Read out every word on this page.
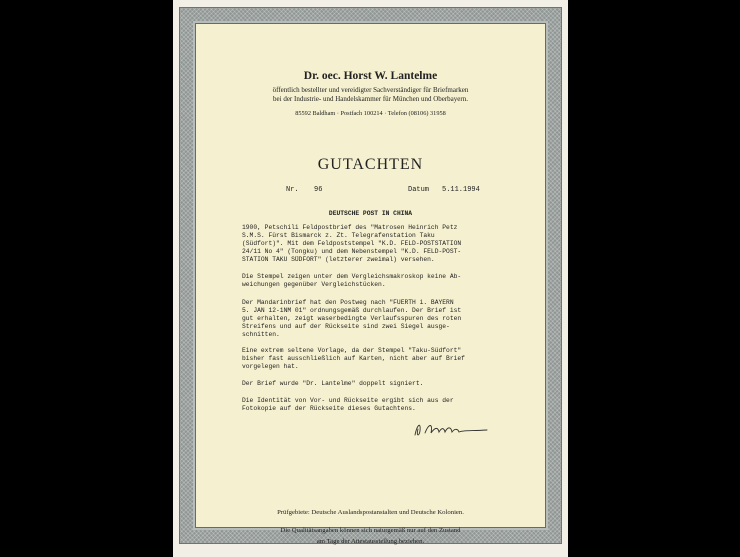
Dr. oec. Horst W. Lantelme
öffentlich bestellter und vereidigter Sachverständiger für Briefmarken
bei der Industrie- und Handelskammer für München und Oberbayern.
85592 Baldham · Postfach 100214 · Telefon (08106) 31958
GUTACHTEN
Nr. 96	Datum 5.11.1994
DEUTSCHE POST IN CHINA
1900, Petschili Feldpostbrief des "Matrosen Heinrich Petz
S.M.S. Fürst Bismarck z. Zt. Telegrafenstation Taku
(Südfort)". Mit dem Feldpoststempel "K.D. FELD-POSTSTATION
24/11 No 4" (Tongku) und dem Nebenstempel "K.D. FELD-POST-
STATION TAKU SÜDFORT" (letzterer zweimal) versehen.
Die Stempel zeigen unter dem Vergleichsmakroskop keine Ab-
weichungen gegenüber Vergleichstücken.
Der Mandarinbrief hat den Postweg nach "FUERTH i. BAYERN
5. JAN 12-1NM 01" ordnungsgemäß durchlaufen. Der Brief ist
gut erhalten, zeigt waserbedingte Verlaufsspuren des roten
Streifens und auf der Rückseite sind zwei Siegel ausge-
schnitten.
Eine extrem seltene Vorlage, da der Stempel "Taku-Südfort"
bisher fast ausschließlich auf Karten, nicht aber auf Brief
vorgelegen hat.
Der Brief wurde "Dr. Lantelme" doppelt signiert.
Die Identität von Vor- und Rückseite ergibt sich aus der
Fotokopie auf der Rückseite dieses Gutachtens.
Prüfgebiete: Deutsche Auslandspostanstalten und Deutsche Kolonien.
Die Qualitätsangaben können sich naturgemäß nur auf den Zustand
am Tage der Attestausstellung beziehen.
